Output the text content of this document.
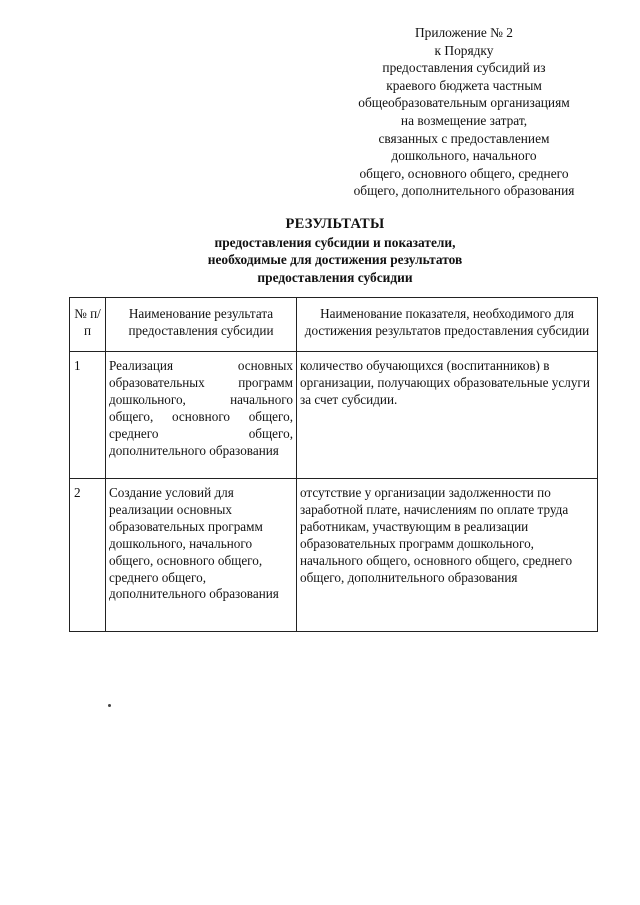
Приложение № 2
к Порядку
предоставления субсидий из
краевого бюджета частным
общеобразовательным организациям
на возмещение затрат,
связанных с предоставлением
дошкольного, начального
общего, основного общего, среднего
общего, дополнительного образования
РЕЗУЛЬТАТЫ
предоставления субсидии и показатели,
необходимые для достижения результатов
предоставления субсидии
№ п/п	Наименование результата предоставления субсидии	Наименование показателя, необходимого для достижения результатов предоставления субсидии
1	Реализация основных образовательных программ дошкольного, начального общего, основного общего, среднего общего, дополнительного образования	количество обучающихся (воспитанников) в организации, получающих образовательные услуги за счет субсидии.
2	Создание условий для реализации основных образовательных программ дошкольного, начального общего, основного общего, среднего общего, дополнительного образования	отсутствие у организации задолженности по заработной плате, начислениям по оплате труда работникам, участвующим в реализации образовательных программ дошкольного, начального общего, основного общего, среднего общего, дополнительного образования
